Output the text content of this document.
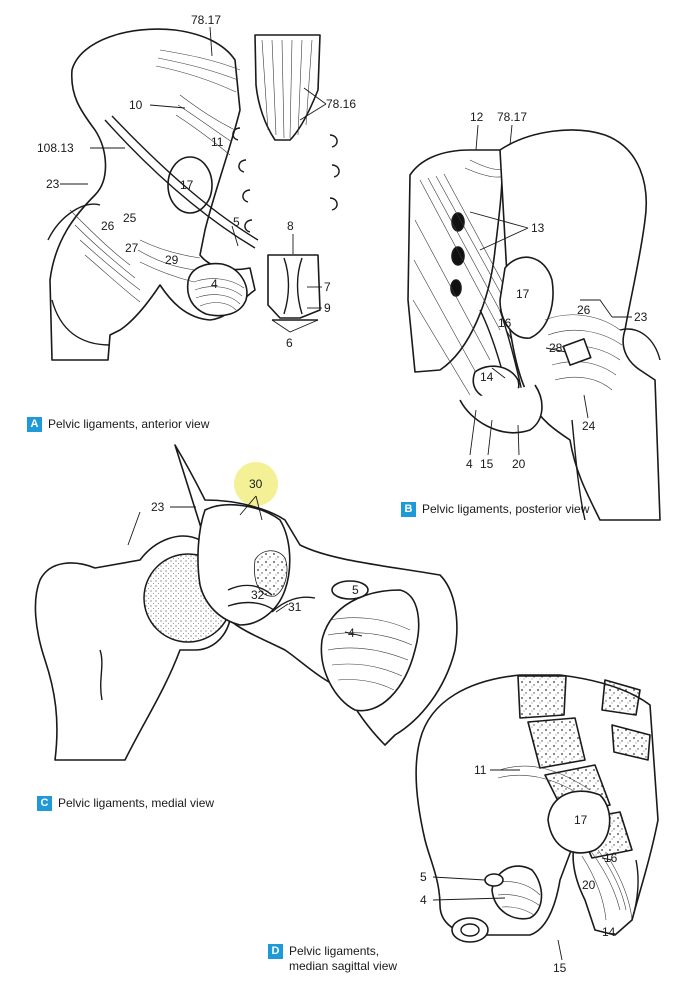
78.17
10	78.16
108.13	11
23	17
26
25
27
5	8
29
4	7
9
6
12 78.17
13
17
26	23
16
28
14
24
4 15 20
30
23
5
32
31
4
11
17
16
5
4
20
14
15
A Pelvic ligaments, anterior view
B Pelvic ligaments, posterior view
C Pelvic ligaments, medial view
D Pelvic ligaments,
median sagittal view
